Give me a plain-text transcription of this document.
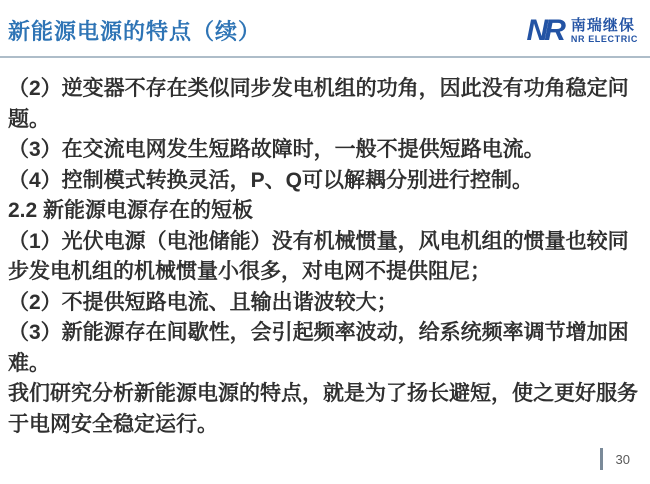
新能源电源的特点（续）	NR 南瑞继保
NR ELECTRIC

（2）逆变器不存在类似同步发电机组的功角，因此没有功角稳定问题。

（3）在交流电网发生短路故障时，一般不提供短路电流。

（4）控制模式转换灵活，P、Q可以解耦分别进行控制。

2.2 新能源电源存在的短板

（1）光伏电源（电池储能）没有机械惯量，风电机组的惯量也较同步发电机组的机械惯量小很多，对电网不提供阻尼；

（2）不提供短路电流、且输出谐波较大；

（3）新能源存在间歇性，会引起频率波动，给系统频率调节增加困难。

我们研究分析新能源电源的特点，就是为了扬长避短，使之更好服务于电网安全稳定运行。

30
